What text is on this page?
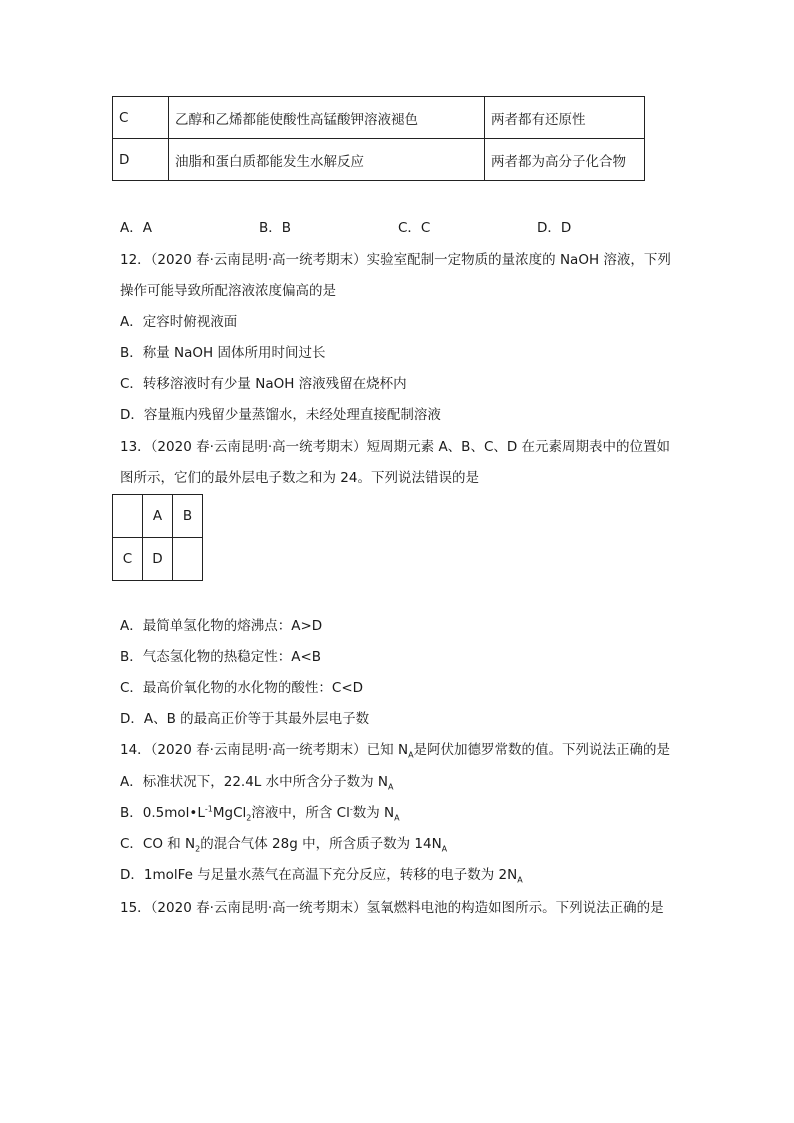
C	乙醇和乙烯都能使酸性高锰酸钾溶液褪色	两者都有还原性
D	油脂和蛋白质都能发生水解反应	两者都为高分子化合物
A．A	B．B	C．C	D．D
12．（2020 春·云南昆明·高一统考期末）实验室配制一定物质的量浓度的 NaOH 溶液，下列
操作可能导致所配溶液浓度偏高的是
A．定容时俯视液面
B．称量 NaOH 固体所用时间过长
C．转移溶液时有少量 NaOH 溶液残留在烧杯内
D．容量瓶内残留少量蒸馏水，未经处理直接配制溶液
13．（2020 春·云南昆明·高一统考期末）短周期元素 A、B、C、D 在元素周期表中的位置如
图所示，它们的最外层电子数之和为 24。下列说法错误的是
	A	B
C	D	
A．最简单氢化物的熔沸点：A>D
B．气态氢化物的热稳定性：A<B
C．最高价氧化物的水化物的酸性：C<D
D．A、B 的最高正价等于其最外层电子数
14．（2020 春·云南昆明·高一统考期末）已知 $N_A$是阿伏加德罗常数的值。下列说法正确的是
A．标准状况下，22.4L 水中所含分子数为 $N_A$
B．$0.5mol•L^{-1}MgCl_2$溶液中，所含 Cl-数为 $N_A$
C．CO 和 $N_2$的混合气体 28g 中，所含质子数为 $14N_A$
D．1molFe 与足量水蒸气在高温下充分反应，转移的电子数为 $2N_A$
15．（2020 春·云南昆明·高一统考期末）氢氧燃料电池的构造如图所示。下列说法正确的是
